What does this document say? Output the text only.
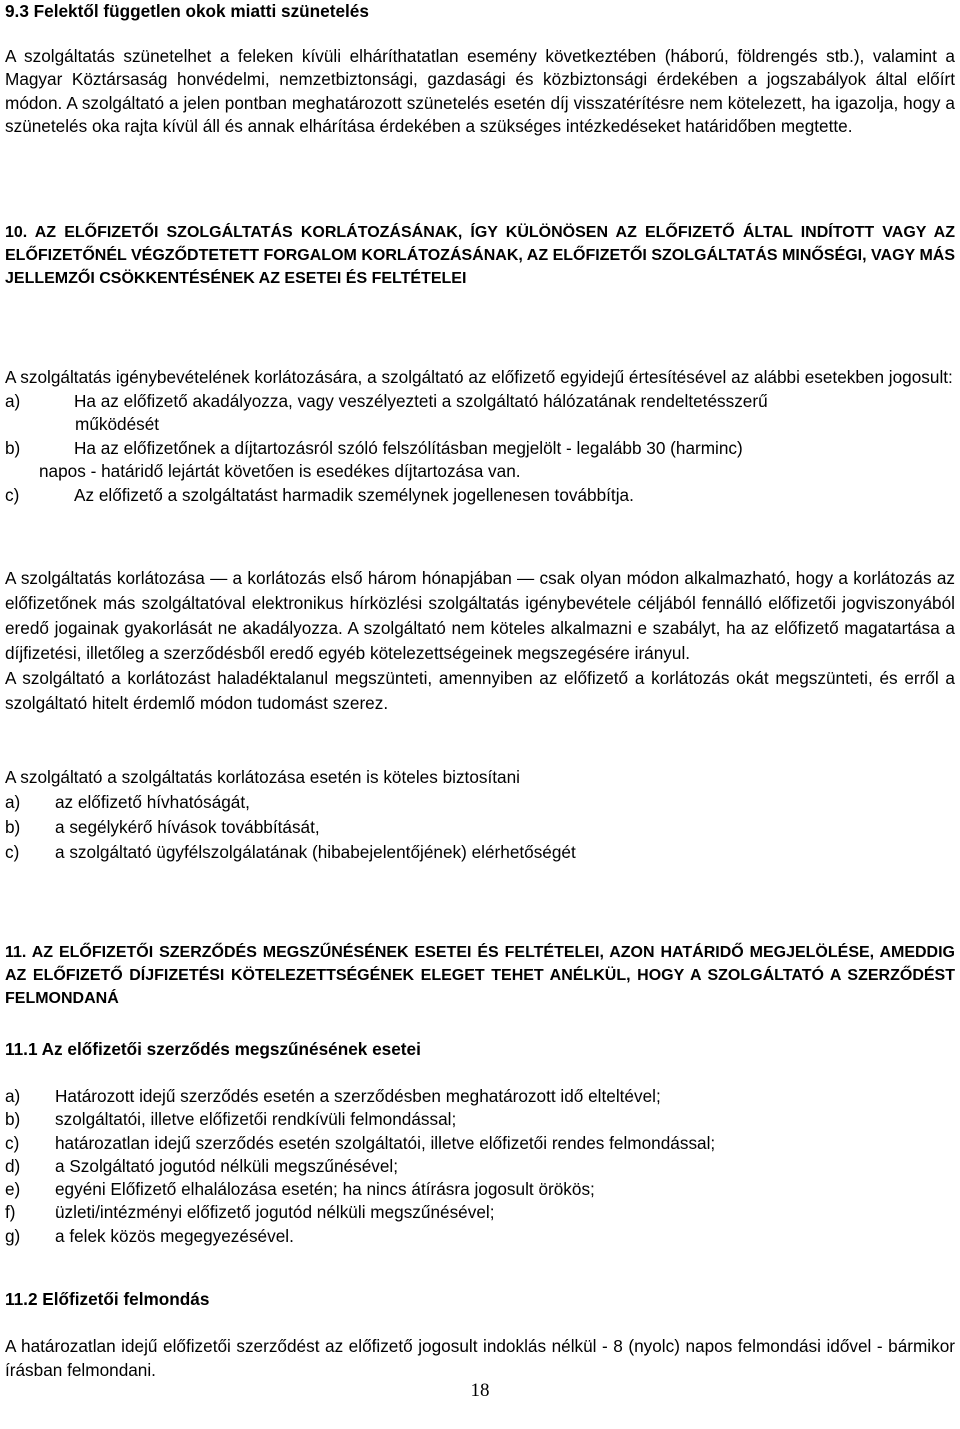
9.3 Felektől független okok miatti szünetelés

A szolgáltatás szünetelhet a feleken kívüli elháríthatatlan esemény következtében (háború, földrengés stb.), valamint a Magyar Köztársaság honvédelmi, nemzetbiztonsági, gazdasági és közbiztonsági érdekében a jogszabályok által előírt módon. A szolgáltató a jelen pontban meghatározott szünetelés esetén díj visszatérítésre nem kötelezett, ha igazolja, hogy a szünetelés oka rajta kívül áll és annak elhárítása érdekében a szükséges intézkedéseket határidőben megtette.

10. AZ ELŐFIZETŐI SZOLGÁLTATÁS KORLÁTOZÁSÁNAK, ÍGY KÜLÖNÖSEN AZ ELŐFIZETŐ ÁLTAL INDÍTOTT VAGY AZ ELŐFIZETŐNÉL VÉGZŐDTETETT FORGALOM KORLÁTOZÁSÁNAK, AZ ELŐFIZETŐI SZOLGÁLTATÁS MINŐSÉGI, VAGY MÁS JELLEMZŐI CSÖKKENTÉSÉNEK AZ ESETEI ÉS FELTÉTELEI

A szolgáltatás igénybevételének korlátozására, a szolgáltató az előfizető egyidejű értesítésével az alábbi esetekben jogosult:

a)	Ha az előfizető akadályozza, vagy veszélyezteti a szolgáltató hálózatának rendeltetésszerű
működését
b)	Ha az előfizetőnek a díjtartozásról szóló felszólításban megjelölt - legalább 30 (harminc)
napos - határidő lejártát követően is esedékes díjtartozása van.
c)	Az előfizető a szolgáltatást harmadik személynek jogellenesen továbbítja.

A szolgáltatás korlátozása — a korlátozás első három hónapjában — csak olyan módon alkalmazható, hogy a korlátozás az előfizetőnek más szolgáltatóval elektronikus hírközlési szolgáltatás igénybevétele céljából fennálló előfizetői jogviszonyából eredő jogainak gyakorlását ne akadályozza. A szolgáltató nem köteles alkalmazni e szabályt, ha az előfizető magatartása a díjfizetési, illetőleg a szerződésből eredő egyéb kötelezettségeinek megszegésére irányul.

A szolgáltató a korlátozást haladéktalanul megszünteti, amennyiben az előfizető a korlátozás okát megszünteti, és erről a szolgáltató hitelt érdemlő módon tudomást szerez.

A szolgáltató a szolgáltatás korlátozása esetén is köteles biztosítani

a)	az előfizető hívhatóságát,
b)	a segélykérő hívások továbbítását,
c)	a szolgáltató ügyfélszolgálatának (hibabejelentőjének) elérhetőségét

11. AZ ELŐFIZETŐI SZERZŐDÉS MEGSZŰNÉSÉNEK ESETEI ÉS FELTÉTELEI, AZON HATÁRIDŐ MEGJELÖLÉSE, AMEDDIG AZ ELŐFIZETŐ DÍJFIZETÉSI KÖTELEZETTSÉGÉNEK ELEGET TEHET ANÉLKÜL, HOGY A SZOLGÁLTATÓ A SZERZŐDÉST FELMONDANÁ

11.1 Az előfizetői szerződés megszűnésének esetei

a)	Határozott idejű szerződés esetén a szerződésben meghatározott idő elteltével;
b)	szolgáltatói, illetve előfizetői rendkívüli felmondással;
c)	határozatlan idejű szerződés esetén szolgáltatói, illetve előfizetői rendes felmondással;
d)	a Szolgáltató jogutód nélküli megszűnésével;
e)	egyéni Előfizető elhalálozása esetén; ha nincs átírásra jogosult örökös;
f)	üzleti/intézményi előfizető jogutód nélküli megszűnésével;
g)	a felek közös megegyezésével.

11.2 Előfizetői felmondás

A határozatlan idejű előfizetői szerződést az előfizető jogosult indoklás nélkül - 8 (nyolc) napos felmondási idővel - bármikor írásban felmondani.

18
